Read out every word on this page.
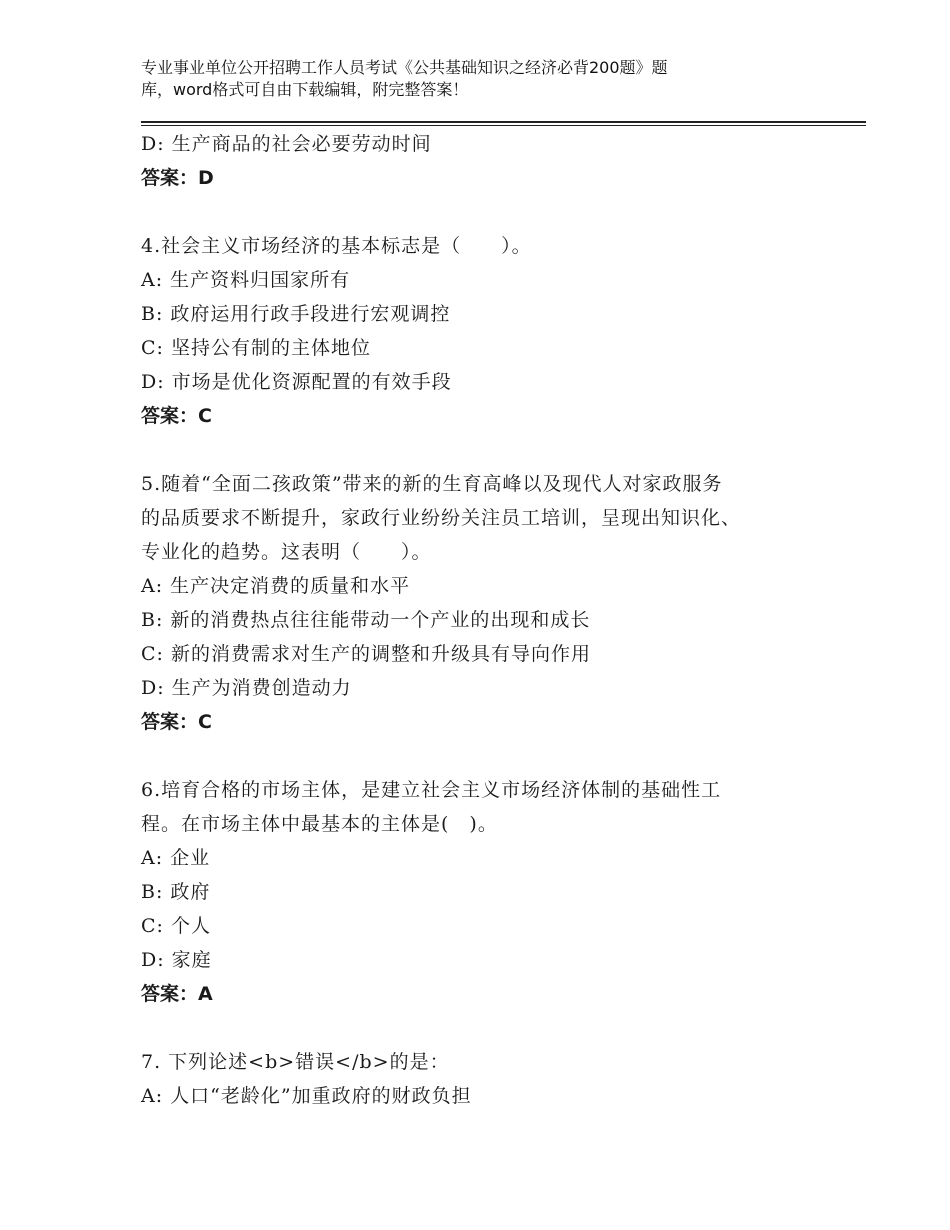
专业事业单位公开招聘工作人员考试《公共基础知识之经济必背200题》题
库，word格式可自由下载编辑，附完整答案！
D: 生产商品的社会必要劳动时间
答案：D
4.社会主义市场经济的基本标志是（　　）。
A: 生产资料归国家所有
B: 政府运用行政手段进行宏观调控
C: 坚持公有制的主体地位
D: 市场是优化资源配置的有效手段
答案：C
5.随着“全面二孩政策”带来的新的生育高峰以及现代人对家政服务
的品质要求不断提升，家政行业纷纷关注员工培训，呈现出知识化、
专业化的趋势。这表明（　　）。
A: 生产决定消费的质量和水平
B: 新的消费热点往往能带动一个产业的出现和成长
C: 新的消费需求对生产的调整和升级具有导向作用
D: 生产为消费创造动力
答案：C
6.培育合格的市场主体，是建立社会主义市场经济体制的基础性工
程。在市场主体中最基本的主体是(　)。
A: 企业
B: 政府
C: 个人
D: 家庭
答案：A
7. 下列论述<b>错误</b>的是：
A: 人口“老龄化”加重政府的财政负担
